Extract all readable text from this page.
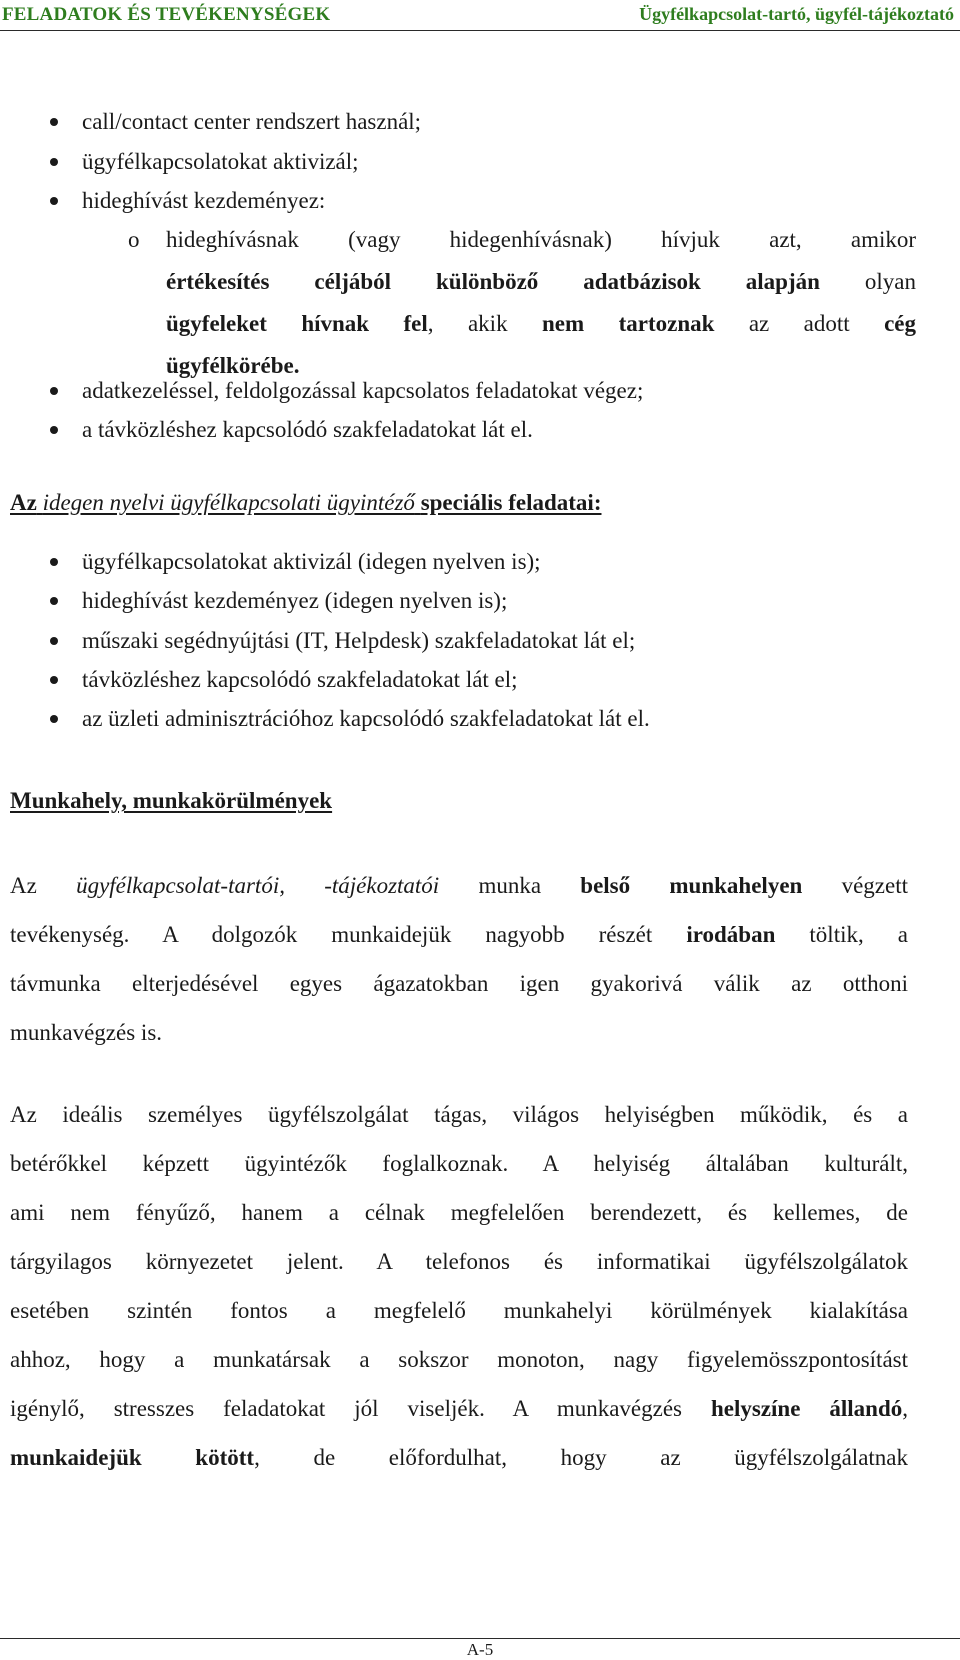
FELADATOK ÉS TEVÉKENYSÉGEK	Ügyfélkapcsolat-tartó, ügyfél-tájékoztató
call/contact center rendszert használ;
ügyfélkapcsolatokat aktivizál;
hideghívást kezdeményez:
o hideghívásnak (vagy hidegenhívásnak) hívjuk azt, amikor
értékesítés céljából különböző adatbázisok alapján olyan
ügyfeleket hívnak fel, akik nem tartoznak az adott cég
ügyfélkörébe.
adatkezeléssel, feldolgozással kapcsolatos feladatokat végez;
a távközléshez kapcsolódó szakfeladatokat lát el.
Az idegen nyelvi ügyfélkapcsolati ügyintéző speciális feladatai:
ügyfélkapcsolatokat aktivizál (idegen nyelven is);
hideghívást kezdeményez (idegen nyelven is);
műszaki segédnyújtási (IT, Helpdesk) szakfeladatokat lát el;
távközléshez kapcsolódó szakfeladatokat lát el;
az üzleti adminisztrációhoz kapcsolódó szakfeladatokat lát el.
Munkahely, munkakörülmények
Az ügyfélkapcsolat-tartói, -tájékoztatói munka belső munkahelyen végzett
tevékenység. A dolgozók munkaidejük nagyobb részét irodában töltik, a
távmunka elterjedésével egyes ágazatokban igen gyakorivá válik az otthoni
munkavégzés is.
Az ideális személyes ügyfélszolgálat tágas, világos helyiségben működik, és a
betérőkkel képzett ügyintézők foglalkoznak. A helyiség általában kulturált,
ami nem fényűző, hanem a célnak megfelelően berendezett, és kellemes, de
tárgyilagos környezetet jelent. A telefonos és informatikai ügyfélszolgálatok
esetében szintén fontos a megfelelő munkahelyi körülmények kialakítása
ahhoz, hogy a munkatársak a sokszor monoton, nagy figyelemösszpontosítást
igénylő, stresszes feladatokat jól viseljék. A munkavégzés helyszíne állandó,
munkaidejük kötött, de előfordulhat, hogy az ügyfélszolgálatnak
A-5
